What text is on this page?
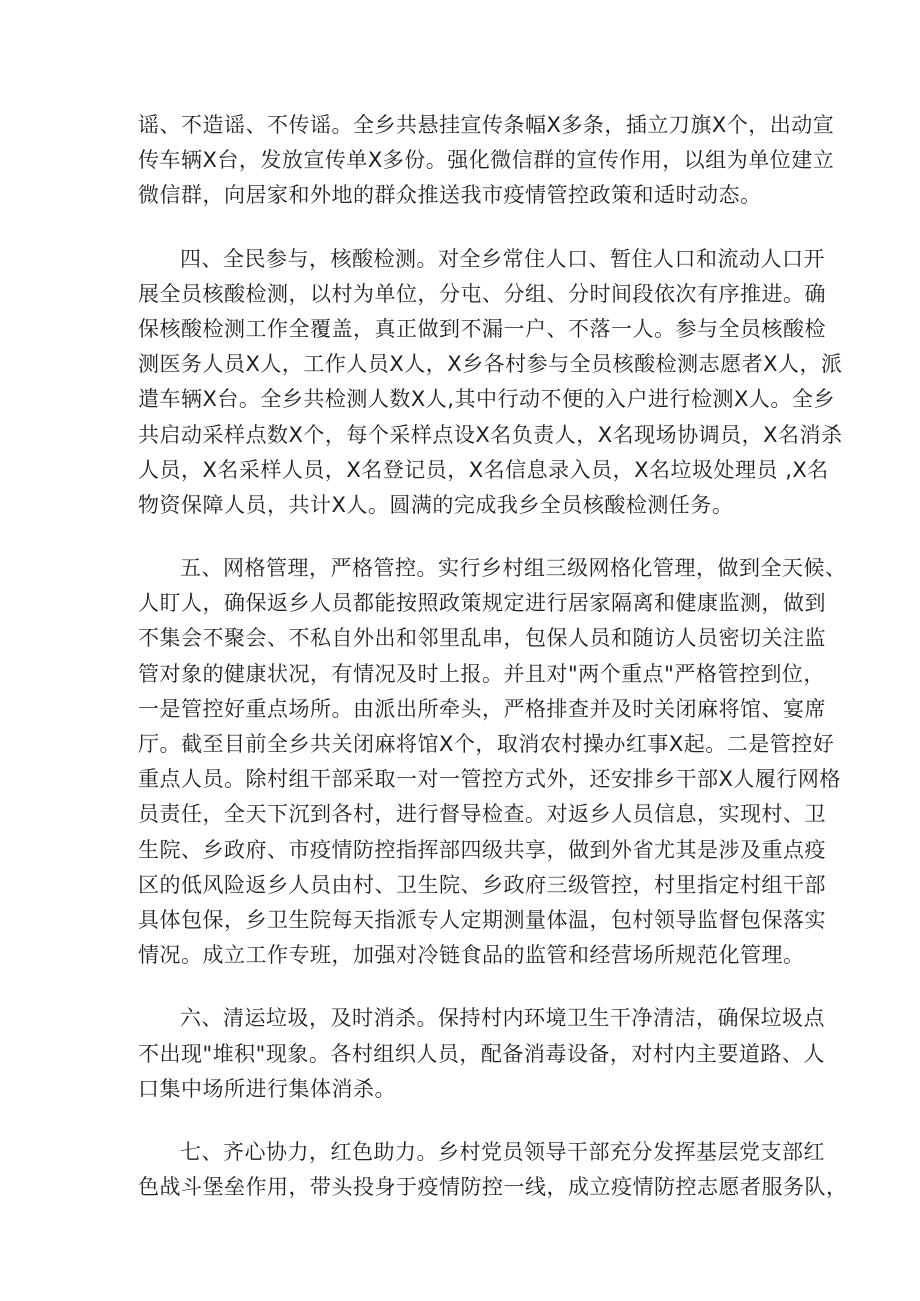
谣、不造谣、不传谣。全乡共悬挂宣传条幅X多条，插立刀旗X个，出动宣
传车辆X台，发放宣传单X多份。强化微信群的宣传作用，以组为单位建立
微信群，向居家和外地的群众推送我市疫情管控政策和适时动态。
四、全民参与，核酸检测。对全乡常住人口、暂住人口和流动人口开
展全员核酸检测，以村为单位，分屯、分组、分时间段依次有序推进。确
保核酸检测工作全覆盖，真正做到不漏一户、不落一人。参与全员核酸检
测医务人员X人，工作人员X人，X乡各村参与全员核酸检测志愿者X人，派
遣车辆X台。全乡共检测人数X人,其中行动不便的入户进行检测X人。全乡
共启动采样点数X个，每个采样点设X名负责人，X名现场协调员，X名消杀
人员，X名采样人员，X名登记员，X名信息录入员，X名垃圾处理员 ,X名
物资保障人员，共计X人。圆满的完成我乡全员核酸检测任务。
五、网格管理，严格管控。实行乡村组三级网格化管理，做到全天候、
人盯人，确保返乡人员都能按照政策规定进行居家隔离和健康监测，做到
不集会不聚会、不私自外出和邻里乱串，包保人员和随访人员密切关注监
管对象的健康状况，有情况及时上报。并且对"两个重点"严格管控到位，
一是管控好重点场所。由派出所牵头，严格排查并及时关闭麻将馆、宴席
厅。截至目前全乡共关闭麻将馆X个，取消农村操办红事X起。二是管控好
重点人员。除村组干部采取一对一管控方式外，还安排乡干部X人履行网格
员责任，全天下沉到各村，进行督导检查。对返乡人员信息，实现村、卫
生院、乡政府、市疫情防控指挥部四级共享，做到外省尤其是涉及重点疫
区的低风险返乡人员由村、卫生院、乡政府三级管控，村里指定村组干部
具体包保，乡卫生院每天指派专人定期测量体温，包村领导监督包保落实
情况。成立工作专班，加强对冷链食品的监管和经营场所规范化管理。
六、清运垃圾，及时消杀。保持村内环境卫生干净清洁，确保垃圾点
不出现"堆积"现象。各村组织人员，配备消毒设备，对村内主要道路、人
口集中场所进行集体消杀。
七、齐心协力，红色助力。乡村党员领导干部充分发挥基层党支部红
色战斗堡垒作用，带头投身于疫情防控一线，成立疫情防控志愿者服务队，
